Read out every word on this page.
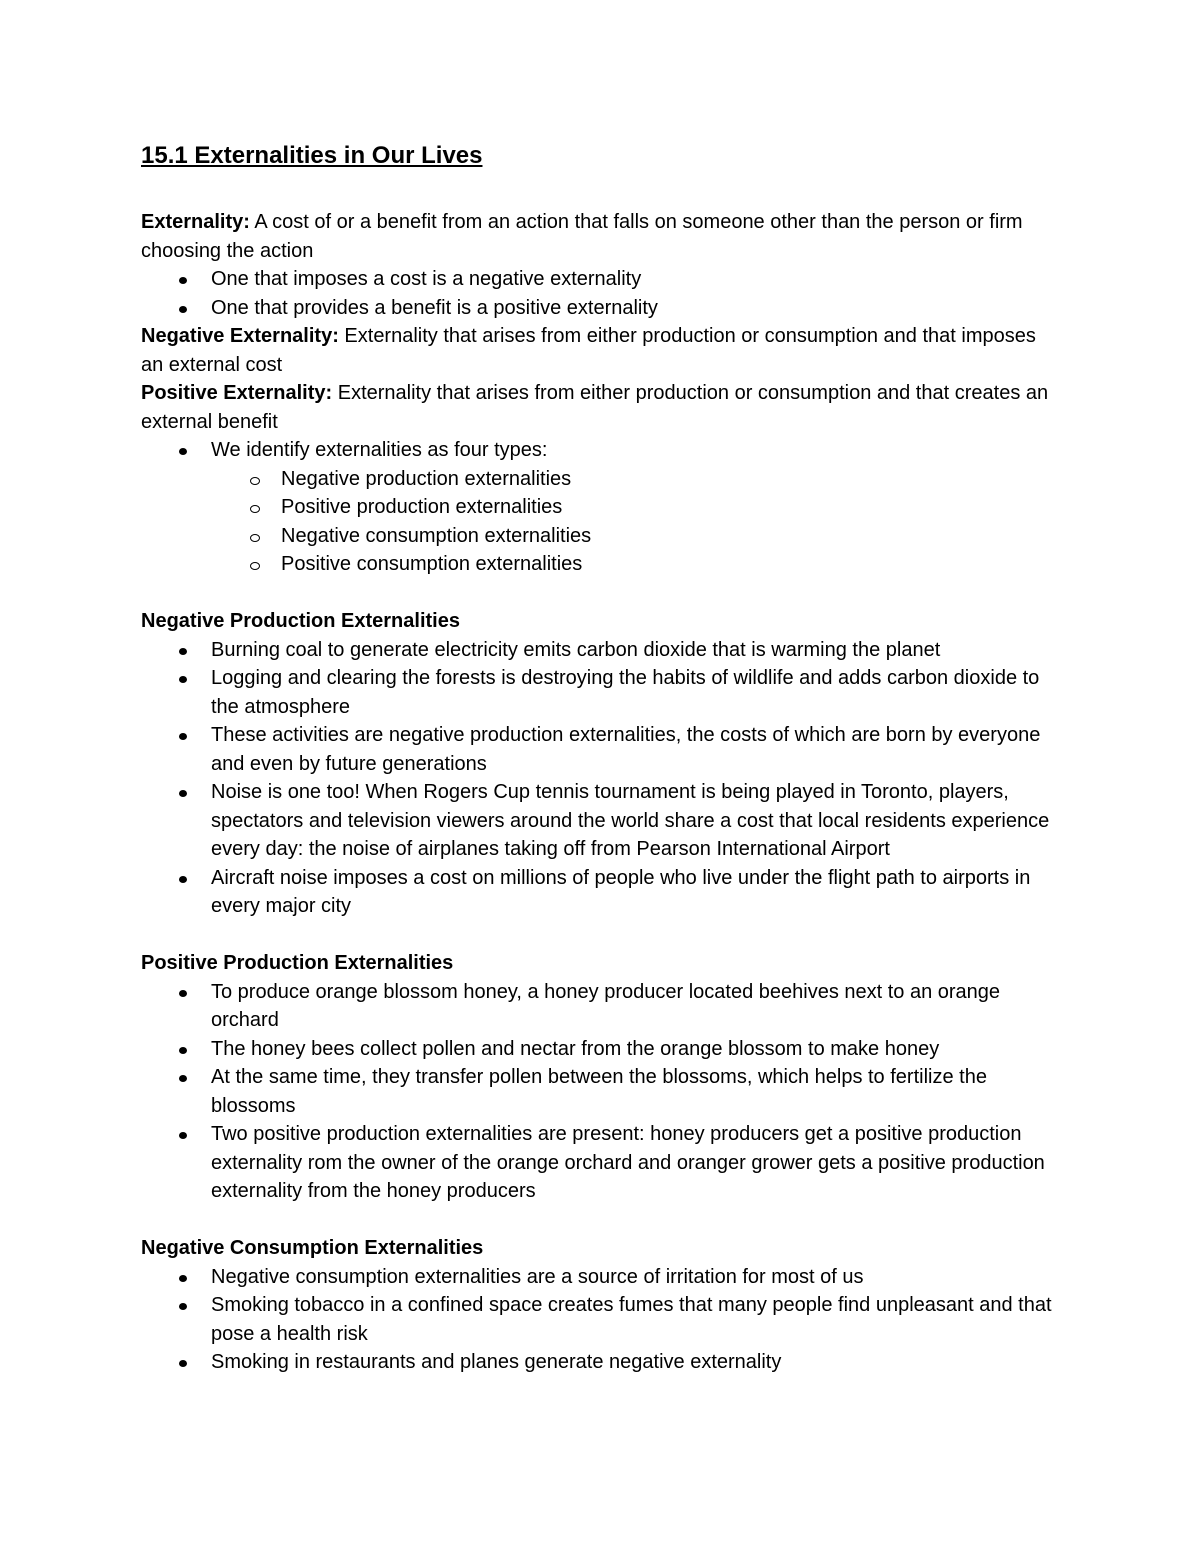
15.1 Externalities in Our Lives

Externality: A cost of or a benefit from an action that falls on someone other than the person or firm choosing the action

One that imposes a cost is a negative externality
One that provides a benefit is a positive externality

Negative Externality: Externality that arises from either production or consumption and that imposes an external cost

Positive Externality: Externality that arises from either production or consumption and that creates an external benefit

We identify externalities as four types:
Negative production externalities
Positive production externalities
Negative consumption externalities
Positive consumption externalities

Negative Production Externalities

Burning coal to generate electricity emits carbon dioxide that is warming the planet
Logging and clearing the forests is destroying the habits of wildlife and adds carbon dioxide to the atmosphere
These activities are negative production externalities, the costs of which are born by everyone and even by future generations
Noise is one too! When Rogers Cup tennis tournament is being played in Toronto, players, spectators and television viewers around the world share a cost that local residents experience every day: the noise of airplanes taking off from Pearson International Airport
Aircraft noise imposes a cost on millions of people who live under the flight path to airports in every major city

Positive Production Externalities

To produce orange blossom honey, a honey producer located beehives next to an orange orchard
The honey bees collect pollen and nectar from the orange blossom to make honey
At the same time, they transfer pollen between the blossoms, which helps to fertilize the blossoms
Two positive production externalities are present: honey producers get a positive production externality rom the owner of the orange orchard and oranger grower gets a positive production externality from the honey producers

Negative Consumption Externalities

Negative consumption externalities are a source of irritation for most of us
Smoking tobacco in a confined space creates fumes that many people find unpleasant and that pose a health risk
Smoking in restaurants and planes generate negative externality
